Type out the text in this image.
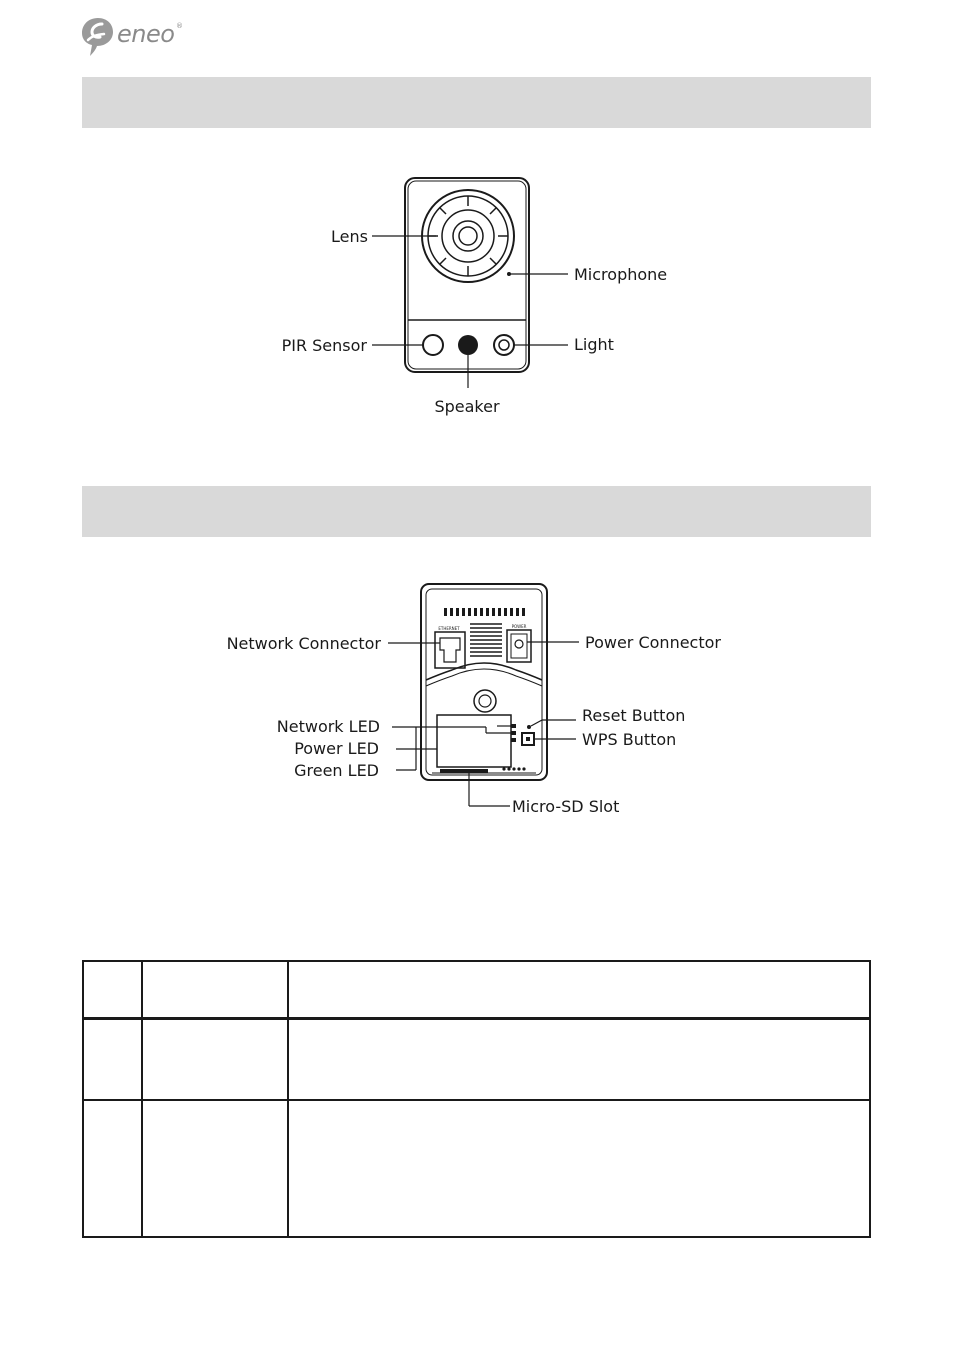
eneo ®
Lens
Microphone
PIR Sensor	Light
Speaker
ETHERNET	POWER
Network Connector	Power Connector
Network LED
Power LED
Green LED
Reset Button
WPS Button
Micro-SD Slot
